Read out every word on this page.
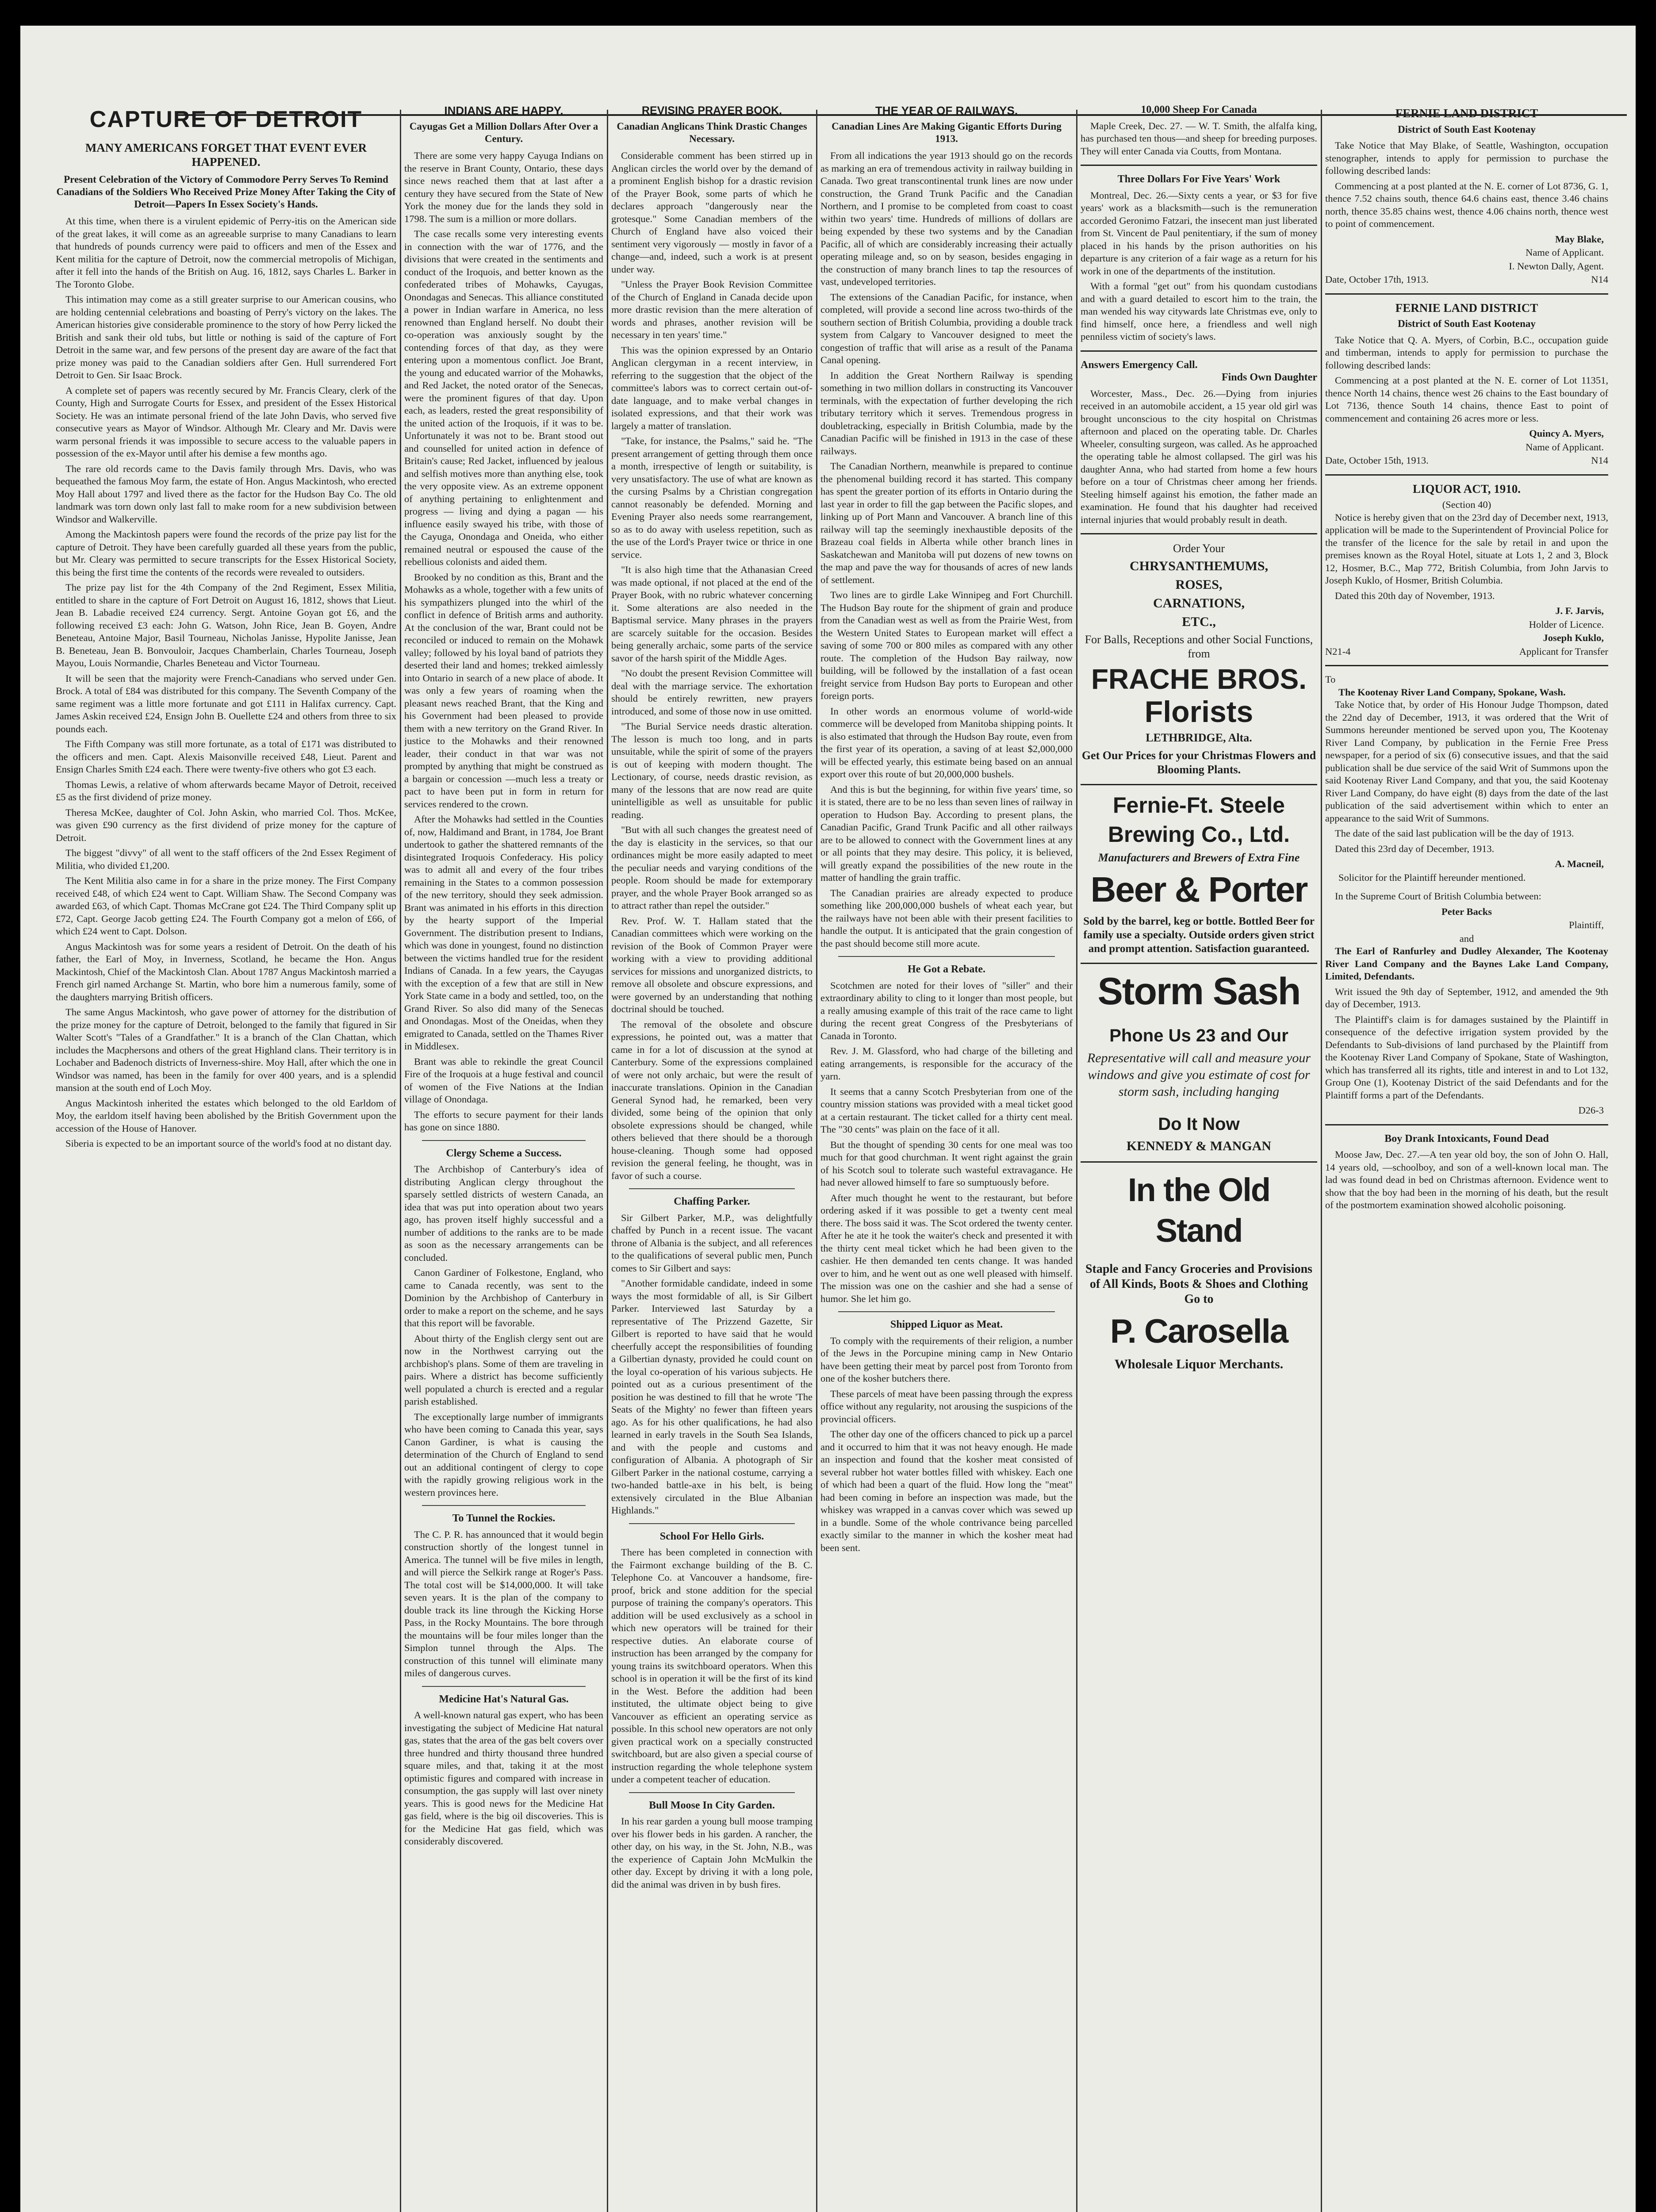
CAPTURE OF DETROIT
MANY AMERICANS FORGET THAT EVENT EVER HAPPENED.
Present Celebration of the Victory of Commodore Perry Serves To Remind Canadians of the Soldiers Who Received Prize Money After Taking the City of Detroit—Papers In Essex Society's Hands.

At this time, when there is a virulent epidemic of Perry-itis on the American side of the great lakes, it will come as an agreeable surprise to many Canadians to learn that hundreds of pounds currency were paid to officers and men of the Essex and Kent militia for the capture of Detroit, now the commercial metropolis of Michigan, after it fell into the hands of the British on Aug. 16, 1812, says Charles L. Barker in The Toronto Globe.

This intimation may come as a still greater surprise to our American cousins, who are holding centennial celebrations and boasting of Perry's victory on the lakes. The American histories give considerable prominence to the story of how Perry licked the British and sank their old tubs, but little or nothing is said of the capture of Fort Detroit in the same war, and few persons of the present day are aware of the fact that prize money was paid to the Canadian soldiers after Gen. Hull surrendered Fort Detroit to Gen. Sir Isaac Brock.

A complete set of papers was recently secured by Mr. Francis Cleary, clerk of the County, High and Surrogate Courts for Essex, and president of the Essex Historical Society. He was an intimate personal friend of the late John Davis, who served five consecutive years as Mayor of Windsor. Although Mr. Cleary and Mr. Davis were warm personal friends it was impossible to secure access to the valuable papers in possession of the ex-Mayor until after his demise a few months ago.

The rare old records came to the Davis family through Mrs. Davis, who was bequeathed the famous Moy farm, the estate of Hon. Angus Mackintosh, who erected Moy Hall about 1797 and lived there as the factor for the Hudson Bay Co. The old landmark was torn down only last fall to make room for a new subdivision between Windsor and Walkerville.

Among the Mackintosh papers were found the records of the prize pay list for the capture of Detroit. They have been carefully guarded all these years from the public, but Mr. Cleary was permitted to secure transcripts for the Essex Historical Society, this being the first time the contents of the records were revealed to outsiders.

The prize pay list for the 4th Company of the 2nd Regiment, Essex Militia, entitled to share in the capture of Fort Detroit on August 16, 1812, shows that Lieut. Jean B. Labadie received £24 currency. Sergt. Antoine Goyan got £6, and the following received £3 each: John G. Watson, John Rice, Jean B. Goyen, Andre Beneteau, Antoine Major, Basil Tourneau, Nicholas Janisse, Hypolite Janisse, Jean B. Beneteau, Jean B. Bonvouloir, Jacques Chamberlain, Charles Tourneau, Joseph Mayou, Louis Normandie, Charles Beneteau and Victor Tourneau.

It will be seen that the majority were French-Canadians who served under Gen. Brock. A total of £84 was distributed for this company. The Seventh Company of the same regiment was a little more fortunate and got £111 in Halifax currency. Capt. James Askin received £24, Ensign John B. Ouellette £24 and others from three to six pounds each.

The Fifth Company was still more fortunate, as a total of £171 was distributed to the officers and men. Capt. Alexis Maisonville received £48, Lieut. Parent and Ensign Charles Smith £24 each. There were twenty-five others who got £3 each.

Thomas Lewis, a relative of whom afterwards became Mayor of Detroit, received £5 as the first dividend of prize money.

Theresa McKee, daughter of Col. John Askin, who married Col. Thos. McKee, was given £90 currency as the first dividend of prize money for the capture of Detroit.

The biggest "divvy" of all went to the staff officers of the 2nd Essex Regiment of Militia, who divided £1,200.

The Kent Militia also came in for a share in the prize money. The First Company received £48, of which £24 went to Capt. William Shaw. The Second Company was awarded £63, of which Capt. Thomas McCrane got £24. The Third Company split up £72, Capt. George Jacob getting £24. The Fourth Company got a melon of £66, of which £24 went to Capt. Dolson.

Angus Mackintosh was for some years a resident of Detroit. On the death of his father, the Earl of Moy, in Inverness, Scotland, he became the Hon. Angus Mackintosh, Chief of the Mackintosh Clan. About 1787 Angus Mackintosh married a French girl named Archange St. Martin, who bore him a numerous family, some of the daughters marrying British officers.

The same Angus Mackintosh, who gave power of attorney for the distribution of the prize money for the capture of Detroit, belonged to the family that figured in Sir Walter Scott's "Tales of a Grandfather." It is a branch of the Clan Chattan, which includes the Macphersons and others of the great Highland clans. Their territory is in Lochaber and Badenoch districts of Inverness-shire. Moy Hall, after which the one in Windsor was named, has been in the family for over 400 years, and is a splendid mansion at the south end of Loch Moy.

Angus Mackintosh inherited the estates which belonged to the old Earldom of Moy, the earldom itself having been abolished by the British Government upon the accession of the House of Hanover.

Siberia is expected to be an important source of the world's food at no distant day.

INDIANS ARE HAPPY.
Cayugas Get a Million Dollars After Over a Century.

There are some very happy Cayuga Indians on the reserve in Brant County, Ontario, these days since news reached them that at last after a century they have secured from the State of New York the money due for the lands they sold in 1798. The sum is a million or more dollars.

The case recalls some very interesting events in connection with the war of 1776, and the divisions that were created in the sentiments and conduct of the Iroquois, and better known as the confederated tribes of Mohawks, Cayugas, Onondagas and Senecas. This alliance constituted a power in Indian warfare in America, no less renowned than England herself. No doubt their co-operation was anxiously sought by the contending forces of that day, as they were entering upon a momentous conflict. Joe Brant, the young and educated warrior of the Mohawks, and Red Jacket, the noted orator of the Senecas, were the prominent figures of that day. Upon each, as leaders, rested the great responsibility of the united action of the Iroquois, if it was to be. Unfortunately it was not to be. Brant stood out and counselled for united action in defence of Britain's cause; Red Jacket, influenced by jealous and selfish motives more than anything else, took the very opposite view. As an extreme opponent of anything pertaining to enlightenment and progress — living and dying a pagan — his influence easily swayed his tribe, with those of the Cayuga, Onondaga and Oneida, who either remained neutral or espoused the cause of the rebellious colonists and aided them.

Brooked by no condition as this, Brant and the Mohawks as a whole, together with a few units of his sympathizers plunged into the whirl of the conflict in defence of British arms and authority. At the conclusion of the war, Brant could not be reconciled or induced to remain on the Mohawk valley; followed by his loyal band of patriots they deserted their land and homes; trekked aimlessly into Ontario in search of a new place of abode. It was only a few years of roaming when the pleasant news reached Brant, that the King and his Government had been pleased to provide them with a new territory on the Grand River. In justice to the Mohawks and their renowned leader, their conduct in that war was not prompted by anything that might be construed as a bargain or concession —much less a treaty or pact to have been put in form in return for services rendered to the crown.

After the Mohawks had settled in the Counties of, now, Haldimand and Brant, in 1784, Joe Brant undertook to gather the shattered remnants of the disintegrated Iroquois Confederacy. His policy was to admit all and every of the four tribes remaining in the States to a common possession of the new territory, should they seek admission. Brant was animated in his efforts in this direction by the hearty support of the Imperial Government. The distribution present to Indians, which was done in youngest, found no distinction between the victims handled true for the resident Indians of Canada. In a few years, the Cayugas with the exception of a few that are still in New York State came in a body and settled, too, on the Grand River. So also did many of the Senecas and Onondagas. Most of the Oneidas, when they emigrated to Canada, settled on the Thames River in Middlesex.

Brant was able to rekindle the great Council Fire of the Iroquois at a huge festival and council of women of the Five Nations at the Indian village of Onondaga.

The efforts to secure payment for their lands has gone on since 1880.

Clergy Scheme a Success.

The Archbishop of Canterbury's idea of distributing Anglican clergy throughout the sparsely settled districts of western Canada, an idea that was put into operation about two years ago, has proven itself highly successful and a number of additions to the ranks are to be made as soon as the necessary arrangements can be concluded.

Canon Gardiner of Folkestone, England, who came to Canada recently, was sent to the Dominion by the Archbishop of Canterbury in order to make a report on the scheme, and he says that this report will be favorable.

About thirty of the English clergy sent out are now in the Northwest carrying out the archbishop's plans. Some of them are traveling in pairs. Where a district has become sufficiently well populated a church is erected and a regular parish established.

The exceptionally large number of immigrants who have been coming to Canada this year, says Canon Gardiner, is what is causing the determination of the Church of England to send out an additional contingent of clergy to cope with the rapidly growing religious work in the western provinces here.

To Tunnel the Rockies.

The C. P. R. has announced that it would begin construction shortly of the longest tunnel in America. The tunnel will be five miles in length, and will pierce the Selkirk range at Roger's Pass. The total cost will be $14,000,000. It will take seven years. It is the plan of the company to double track its line through the Kicking Horse Pass, in the Rocky Mountains. The bore through the mountains will be four miles longer than the Simplon tunnel through the Alps. The construction of this tunnel will eliminate many miles of dangerous curves.

Medicine Hat's Natural Gas.

A well-known natural gas expert, who has been investigating the subject of Medicine Hat natural gas, states that the area of the gas belt covers over three hundred and thirty thousand three hundred square miles, and that, taking it at the most optimistic figures and compared with increase in consumption, the gas supply will last over ninety years. This is good news for the Medicine Hat gas field, where is the big oil discoveries. This is for the Medicine Hat gas field, which was considerably discovered.

REVISING PRAYER BOOK.
Canadian Anglicans Think Drastic Changes Necessary.

Considerable comment has been stirred up in Anglican circles the world over by the demand of a prominent English bishop for a drastic revision of the Prayer Book, some parts of which he declares approach "dangerously near the grotesque." Some Canadian members of the Church of England have also voiced their sentiment very vigorously — mostly in favor of a change—and, indeed, such a work is at present under way.

"Unless the Prayer Book Revision Committee of the Church of England in Canada decide upon more drastic revision than the mere alteration of words and phrases, another revision will be necessary in ten years' time."

This was the opinion expressed by an Ontario Anglican clergyman in a recent interview, in referring to the suggestion that the object of the committee's labors was to correct certain out-of-date language, and to make verbal changes in isolated expressions, and that their work was largely a matter of translation.

"Take, for instance, the Psalms," said he. "The present arrangement of getting through them once a month, irrespective of length or suitability, is very unsatisfactory. The use of what are known as the cursing Psalms by a Christian congregation cannot reasonably be defended. Morning and Evening Prayer also needs some rearrangement, so as to do away with useless repetition, such as the use of the Lord's Prayer twice or thrice in one service.

"It is also high time that the Athanasian Creed was made optional, if not placed at the end of the Prayer Book, with no rubric whatever concerning it. Some alterations are also needed in the Baptismal service. Many phrases in the prayers are scarcely suitable for the occasion. Besides being generally archaic, some parts of the service savor of the harsh spirit of the Middle Ages.

"No doubt the present Revision Committee will deal with the marriage service. The exhortation should be entirely rewritten, new prayers introduced, and some of those now in use omitted.

"The Burial Service needs drastic alteration. The lesson is much too long, and in parts unsuitable, while the spirit of some of the prayers is out of keeping with modern thought. The Lectionary, of course, needs drastic revision, as many of the lessons that are now read are quite unintelligible as well as unsuitable for public reading.

"But with all such changes the greatest need of the day is elasticity in the services, so that our ordinances might be more easily adapted to meet the peculiar needs and varying conditions of the people. Room should be made for extemporary prayer, and the whole Prayer Book arranged so as to attract rather than repel the outsider."

Rev. Prof. W. T. Hallam stated that the Canadian committees which were working on the revision of the Book of Common Prayer were working with a view to providing additional services for missions and unorganized districts, to remove all obsolete and obscure expressions, and were governed by an understanding that nothing doctrinal should be touched.

The removal of the obsolete and obscure expressions, he pointed out, was a matter that came in for a lot of discussion at the synod at Canterbury. Some of the expressions complained of were not only archaic, but were the result of inaccurate translations. Opinion in the Canadian General Synod had, he remarked, been very divided, some being of the opinion that only obsolete expressions should be changed, while others believed that there should be a thorough house-cleaning. Though some had opposed revision the general feeling, he thought, was in favor of such a course.

Chaffing Parker.

Sir Gilbert Parker, M.P., was delightfully chaffed by Punch in a recent issue. The vacant throne of Albania is the subject, and all references to the qualifications of several public men, Punch comes to Sir Gilbert and says:

"Another formidable candidate, indeed in some ways the most formidable of all, is Sir Gilbert Parker. Interviewed last Saturday by a representative of The Prizzend Gazette, Sir Gilbert is reported to have said that he would cheerfully accept the responsibilities of founding a Gilbertian dynasty, provided he could count on the loyal co-operation of his various subjects. He pointed out as a curious presentiment of the position he was destined to fill that he wrote 'The Seats of the Mighty' no fewer than fifteen years ago. As for his other qualifications, he had also learned in early travels in the South Sea Islands, and with the people and customs and configuration of Albania. A photograph of Sir Gilbert Parker in the national costume, carrying a two-handed battle-axe in his belt, is being extensively circulated in the Blue Albanian Highlands."

School For Hello Girls.

There has been completed in connection with the Fairmont exchange building of the B. C. Telephone Co. at Vancouver a handsome, fire-proof, brick and stone addition for the special purpose of training the company's operators. This addition will be used exclusively as a school in which new operators will be trained for their respective duties. An elaborate course of instruction has been arranged by the company for young trains its switchboard operators. When this school is in operation it will be the first of its kind in the West. Before the addition had been instituted, the ultimate object being to give Vancouver as efficient an operating service as possible. In this school new operators are not only given practical work on a specially constructed switchboard, but are also given a special course of instruction regarding the whole telephone system under a competent teacher of education.

Bull Moose In City Garden.

In his rear garden a young bull moose tramping over his flower beds in his garden. A rancher, the other day, on his way, in the St. John, N.B., was the experience of Captain John McMulkin the other day. Except by driving it with a long pole, did the animal was driven in by bush fires.

THE YEAR OF RAILWAYS.
Canadian Lines Are Making Gigantic Efforts During 1913.

From all indications the year 1913 should go on the records as marking an era of tremendous activity in railway building in Canada. Two great transcontinental trunk lines are now under construction, the Grand Trunk Pacific and the Canadian Northern, and I promise to be completed from coast to coast within two years' time. Hundreds of millions of dollars are being expended by these two systems and by the Canadian Pacific, all of which are considerably increasing their actually operating mileage and, so on by season, besides engaging in the construction of many branch lines to tap the resources of vast, undeveloped territories.

The extensions of the Canadian Pacific, for instance, when completed, will provide a second line across two-thirds of the southern section of British Columbia, providing a double track system from Calgary to Vancouver designed to meet the congestion of traffic that will arise as a result of the Panama Canal opening.

In addition the Great Northern Railway is spending something in two million dollars in constructing its Vancouver terminals, with the expectation of further developing the rich tributary territory which it serves. Tremendous progress in doubletracking, especially in British Columbia, made by the Canadian Pacific will be finished in 1913 in the case of these railways.

The Canadian Northern, meanwhile is prepared to continue the phenomenal building record it has started. This company has spent the greater portion of its efforts in Ontario during the last year in order to fill the gap between the Pacific slopes, and linking up of Port Mann and Vancouver. A branch line of this railway will tap the seemingly inexhaustible deposits of the Brazeau coal fields in Alberta while other branch lines in Saskatchewan and Manitoba will put dozens of new towns on the map and pave the way for thousands of acres of new lands of settlement.

Two lines are to girdle Lake Winnipeg and Fort Churchill. The Hudson Bay route for the shipment of grain and produce from the Canadian west as well as from the Prairie West, from the Western United States to European market will effect a saving of some 700 or 800 miles as compared with any other route. The completion of the Hudson Bay railway, now building, will be followed by the installation of a fast ocean freight service from Hudson Bay ports to European and other foreign ports.

In other words an enormous volume of world-wide commerce will be developed from Manitoba shipping points. It is also estimated that through the Hudson Bay route, even from the first year of its operation, a saving of at least $2,000,000 will be effected yearly, this estimate being based on an annual export over this route of but 20,000,000 bushels.

And this is but the beginning, for within five years' time, so it is stated, there are to be no less than seven lines of railway in operation to Hudson Bay. According to present plans, the Canadian Pacific, Grand Trunk Pacific and all other railways are to be allowed to connect with the Government lines at any or all points that they may desire. This policy, it is believed, will greatly expand the possibilities of the new route in the matter of handling the grain traffic.

The Canadian prairies are already expected to produce something like 200,000,000 bushels of wheat each year, but the railways have not been able with their present facilities to handle the output. It is anticipated that the grain congestion of the past should become still more acute.

He Got a Rebate.

Scotchmen are noted for their loves of "siller" and their extraordinary ability to cling to it longer than most people, but a really amusing example of this trait of the race came to light during the recent great Congress of the Presbyterians of Canada in Toronto.

Rev. J. M. Glassford, who had charge of the billeting and eating arrangements, is responsible for the accuracy of the yarn.

It seems that a canny Scotch Presbyterian from one of the country mission stations was provided with a meal ticket good at a certain restaurant. The ticket called for a thirty cent meal. The "30 cents" was plain on the face of it all.

But the thought of spending 30 cents for one meal was too much for that good churchman. It went right against the grain of his Scotch soul to tolerate such wasteful extravagance. He had never allowed himself to fare so sumptuously before.

After much thought he went to the restaurant, but before ordering asked if it was possible to get a twenty cent meal there. The boss said it was. The Scot ordered the twenty center. After he ate it he took the waiter's check and presented it with the thirty cent meal ticket which he had been given to the cashier. He then demanded ten cents change. It was handed over to him, and he went out as one well pleased with himself. The mission was one on the cashier and she had a sense of humor. She let him go.

Shipped Liquor as Meat.

To comply with the requirements of their religion, a number of the Jews in the Porcupine mining camp in New Ontario have been getting their meat by parcel post from Toronto from one of the kosher butchers there.

These parcels of meat have been passing through the express office without any regularity, not arousing the suspicions of the provincial officers.

The other day one of the officers chanced to pick up a parcel and it occurred to him that it was not heavy enough. He made an inspection and found that the kosher meat consisted of several rubber hot water bottles filled with whiskey. Each one of which had been a quart of the fluid. How long the "meat" had been coming in before an inspection was made, but the whiskey was wrapped in a canvas cover which was sewed up in a bundle. Some of the whole contrivance being parcelled exactly similar to the manner in which the kosher meat had been sent.

10,000 Sheep For Canada

Maple Creek, Dec. 27. — W. T. Smith, the alfalfa king, has purchased ten thous—and sheep for breeding purposes. They will enter Canada via Coutts, from Montana.

Three Dollars For Five Years' Work

Montreal, Dec. 26.—Sixty cents a year, or $3 for five years' work as a blacksmith—such is the remuneration accorded Geronimo Fatzari, the insecent man just liberated from St. Vincent de Paul penitentiary, if the sum of money placed in his hands by the prison authorities on his departure is any criterion of a fair wage as a return for his work in one of the departments of the institution.

With a formal "get out" from his quondam custodians and with a guard detailed to escort him to the train, the man wended his way citywards late Christmas eve, only to find himself, once here, a friendless and well nigh penniless victim of society's laws.

Answers Emergency Call.
Finds Own Daughter

Worcester, Mass., Dec. 26.—Dying from injuries received in an automobile accident, a 15 year old girl was brought unconscious to the city hospital on Christmas afternoon and placed on the operating table. Dr. Charles Wheeler, consulting surgeon, was called. As he approached the operating table he almost collapsed. The girl was his daughter Anna, who had started from home a few hours before on a tour of Christmas cheer among her friends. Steeling himself against his emotion, the father made an examination. He found that his daughter had received internal injuries that would probably result in death.

Order Your
CHRYSANTHEMUMS,
ROSES,
CARNATIONS,
ETC.,
For Balls, Receptions and other Social Functions, from
FRACHE BROS.
Florists
LETHBRIDGE, Alta.
Get Our Prices for your Christmas Flowers and Blooming Plants.
Fernie-Ft. Steele
Brewing Co., Ltd.
Manufacturers and Brewers of Extra Fine
Beer & Porter
Sold by the barrel, keg or bottle. Bottled Beer for family use a specialty. Outside orders given strict and prompt attention. Satisfaction guaranteed.
Storm Sash
Phone Us 23 and Our
Representative will call and measure your windows and give you estimate of cost for storm sash, including hanging
Do It Now
KENNEDY & MANGAN
In the Old Stand
Staple and Fancy Groceries and Provisions of All Kinds, Boots & Shoes and Clothing Go to
P. Carosella
Wholesale Liquor Merchants.
FERNIE LAND DISTRICT
District of South East Kootenay

Take Notice that May Blake, of Seattle, Washington, occupation stenographer, intends to apply for permission to purchase the following described lands:

Commencing at a post planted at the N. E. corner of Lot 8736, G. 1, thence 7.52 chains south, thence 64.6 chains east, thence 3.46 chains north, thence 35.85 chains west, thence 4.06 chains north, thence west to point of commencement.

May Blake,
Name of Applicant.
I. Newton Dally, Agent.
Date, October 17th, 1913.	N14
FERNIE LAND DISTRICT
District of South East Kootenay

Take Notice that Q. A. Myers, of Corbin, B.C., occupation guide and timberman, intends to apply for permission to purchase the following described lands:

Commencing at a post planted at the N. E. corner of Lot 11351, thence North 14 chains, thence west 26 chains to the East boundary of Lot 7136, thence South 14 chains, thence East to point of commencement and containing 26 acres more or less.

Quincy A. Myers,
Name of Applicant.
Date, October 15th, 1913.	N14
LIQUOR ACT, 1910.
(Section 40)

Notice is hereby given that on the 23rd day of December next, 1913, application will be made to the Superintendent of Provincial Police for the transfer of the licence for the sale by retail in and upon the premises known as the Royal Hotel, situate at Lots 1, 2 and 3, Block 12, Hosmer, B.C., Map 772, British Columbia, from John Jarvis to Joseph Kuklo, of Hosmer, British Columbia.

Dated this 20th day of November, 1913.

J. F. Jarvis,
Holder of Licence.
Joseph Kuklo,
N21-4	Applicant for Transfer
To
The Kootenay River Land Company, Spokane, Wash.

Take Notice that, by order of His Honour Judge Thompson, dated the 22nd day of December, 1913, it was ordered that the Writ of Summons hereunder mentioned be served upon you, The Kootenay River Land Company, by publication in the Fernie Free Press newspaper, for a period of six (6) consecutive issues, and that the said publication shall be due service of the said Writ of Summons upon the said Kootenay River Land Company, and that you, the said Kootenay River Land Company, do have eight (8) days from the date of the last publication of the said advertisement within which to enter an appearance to the said Writ of Summons.

The date of the said last publication will be the day of 1913.

Dated this 23rd day of December, 1913.

A. Macneil,
Solicitor for the Plaintiff hereunder mentioned.

In the Supreme Court of British Columbia between:

Peter Backs
Plaintiff,
and

The Earl of Ranfurley and Dudley Alexander, The Kootenay River Land Company and the Baynes Lake Land Company, Limited, Defendants.

Writ issued the 9th day of September, 1912, and amended the 9th day of December, 1913.

The Plaintiff's claim is for damages sustained by the Plaintiff in consequence of the defective irrigation system provided by the Defendants to Sub-divisions of land purchased by the Plaintiff from the Kootenay River Land Company of Spokane, State of Washington, which has transferred all its rights, title and interest in and to Lot 132, Group One (1), Kootenay District of the said Defendants and for the Plaintiff forms a part of the Defendants.

D26-3
Boy Drank Intoxicants, Found Dead

Moose Jaw, Dec. 27.—A ten year old boy, the son of John O. Hall, 14 years old, —schoolboy, and son of a well-known local man. The lad was found dead in bed on Christmas afternoon. Evidence went to show that the boy had been in the morning of his death, but the result of the postmortem examination showed alcoholic poisoning.
